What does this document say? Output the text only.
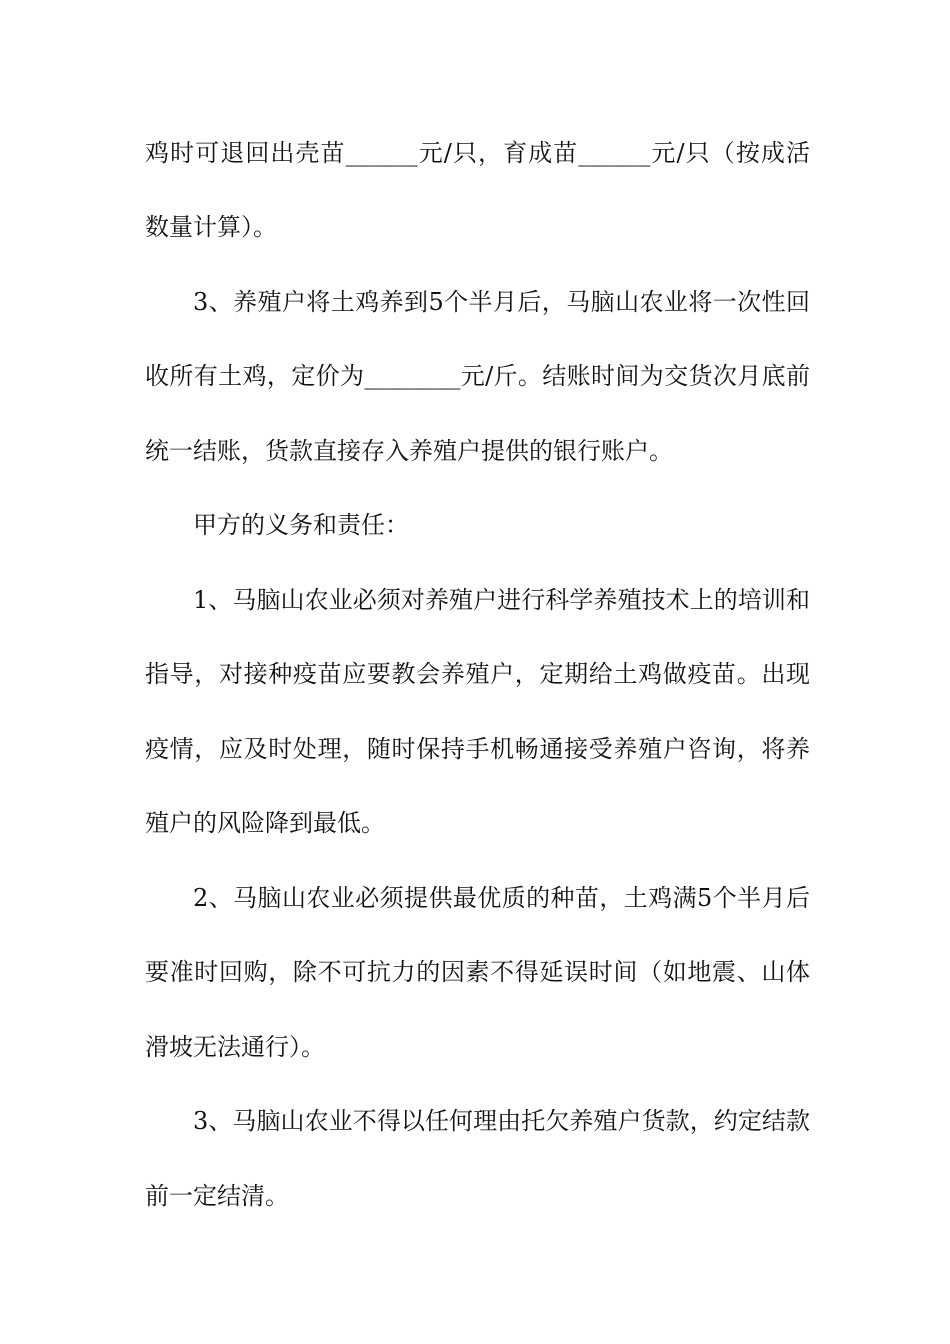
鸡时可退回出壳苗______元/只，育成苗______元/只（按成活
数量计算）。
3、养殖户将土鸡养到5个半月后，马脑山农业将一次性回
收所有土鸡，定价为________元/斤。结账时间为交货次月底前
统一结账，货款直接存入养殖户提供的银行账户。
甲方的义务和责任：
1、马脑山农业必须对养殖户进行科学养殖技术上的培训和
指导，对接种疫苗应要教会养殖户，定期给土鸡做疫苗。出现
疫情，应及时处理，随时保持手机畅通接受养殖户咨询，将养
殖户的风险降到最低。
2、马脑山农业必须提供最优质的种苗，土鸡满5个半月后
要准时回购，除不可抗力的因素不得延误时间（如地震、山体
滑坡无法通行）。
3、马脑山农业不得以任何理由托欠养殖户货款，约定结款
前一定结清。
